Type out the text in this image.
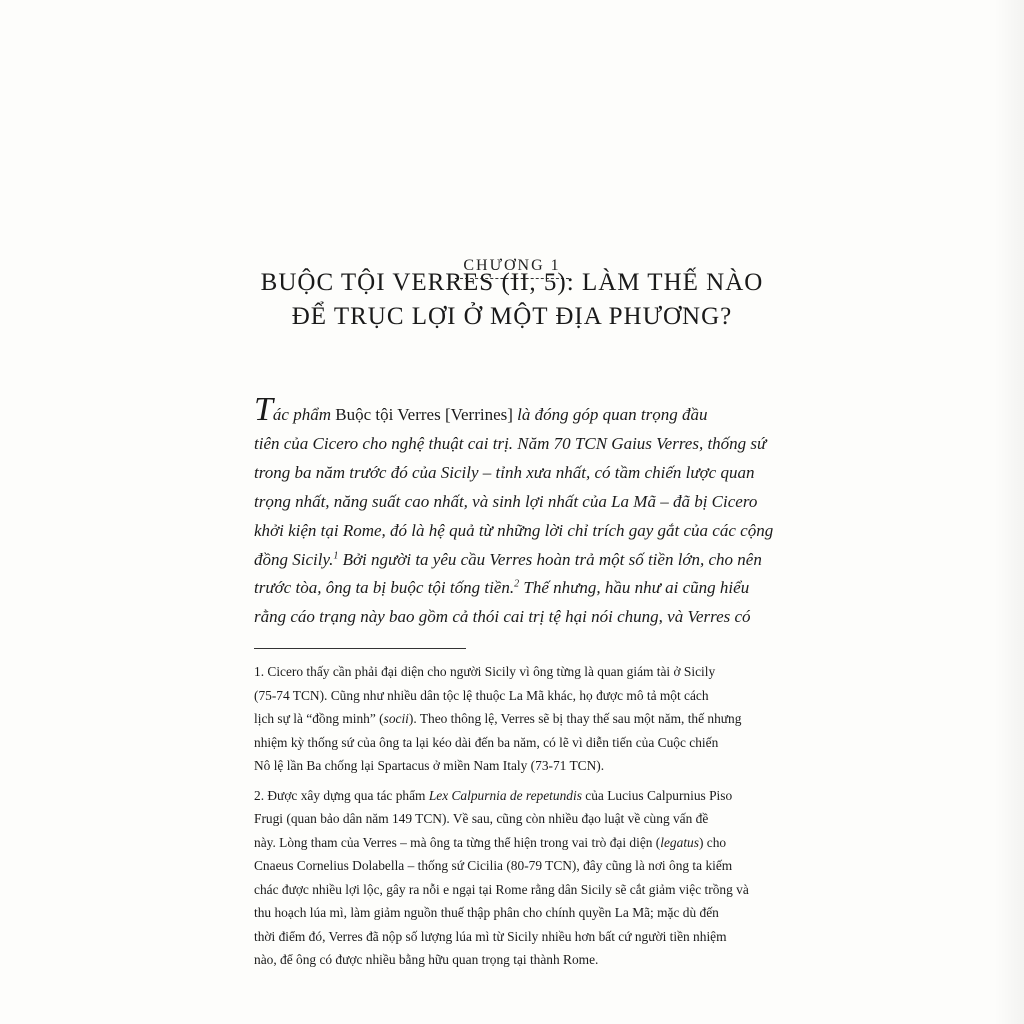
CHƯƠNG 1
BUỘC TỘI VERRES (II, 5): LÀM THẾ NÀO
ĐỂ TRỤC LỢI Ở MỘT ĐỊA PHƯƠNG?
Tác phẩm Buộc tội Verres [Verrines] là đóng góp quan trọng đầu
tiên của Cicero cho nghệ thuật cai trị. Năm 70 TCN Gaius Verres, thống sứ
trong ba năm trước đó của Sicily – tỉnh xưa nhất, có tầm chiến lược quan
trọng nhất, năng suất cao nhất, và sinh lợi nhất của La Mã – đã bị Cicero
khởi kiện tại Rome, đó là hệ quả từ những lời chỉ trích gay gắt của các cộng
đồng Sicily.$^1$ Bởi người ta yêu cầu Verres hoàn trả một số tiền lớn, cho nên
trước tòa, ông ta bị buộc tội tống tiền.$^2$ Thế nhưng, hầu như ai cũng hiểu
rằng cáo trạng này bao gồm cả thói cai trị tệ hại nói chung, và Verres có
1. Cicero thấy cần phải đại diện cho người Sicily vì ông từng là quan giám tài ở Sicily
(75-74 TCN). Cũng như nhiều dân tộc lệ thuộc La Mã khác, họ được mô tả một cách
lịch sự là “đồng minh” (socii). Theo thông lệ, Verres sẽ bị thay thế sau một năm, thế nhưng
nhiệm kỳ thống sứ của ông ta lại kéo dài đến ba năm, có lẽ vì diễn tiến của Cuộc chiến
Nô lệ lần Ba chống lại Spartacus ở miền Nam Italy (73-71 TCN).
2. Được xây dựng qua tác phẩm Lex Calpurnia de repetundis của Lucius Calpurnius Piso
Frugi (quan bảo dân năm 149 TCN). Về sau, cũng còn nhiều đạo luật về cùng vấn đề
này. Lòng tham của Verres – mà ông ta từng thể hiện trong vai trò đại diện (legatus) cho
Cnaeus Cornelius Dolabella – thống sứ Cicilia (80-79 TCN), đây cũng là nơi ông ta kiếm
chác được nhiều lợi lộc, gây ra nỗi e ngại tại Rome rằng dân Sicily sẽ cắt giảm việc trồng và
thu hoạch lúa mì, làm giảm nguồn thuế thập phân cho chính quyền La Mã; mặc dù đến
thời điểm đó, Verres đã nộp số lượng lúa mì từ Sicily nhiều hơn bất cứ người tiền nhiệm
nào, để ông có được nhiều bằng hữu quan trọng tại thành Rome.
